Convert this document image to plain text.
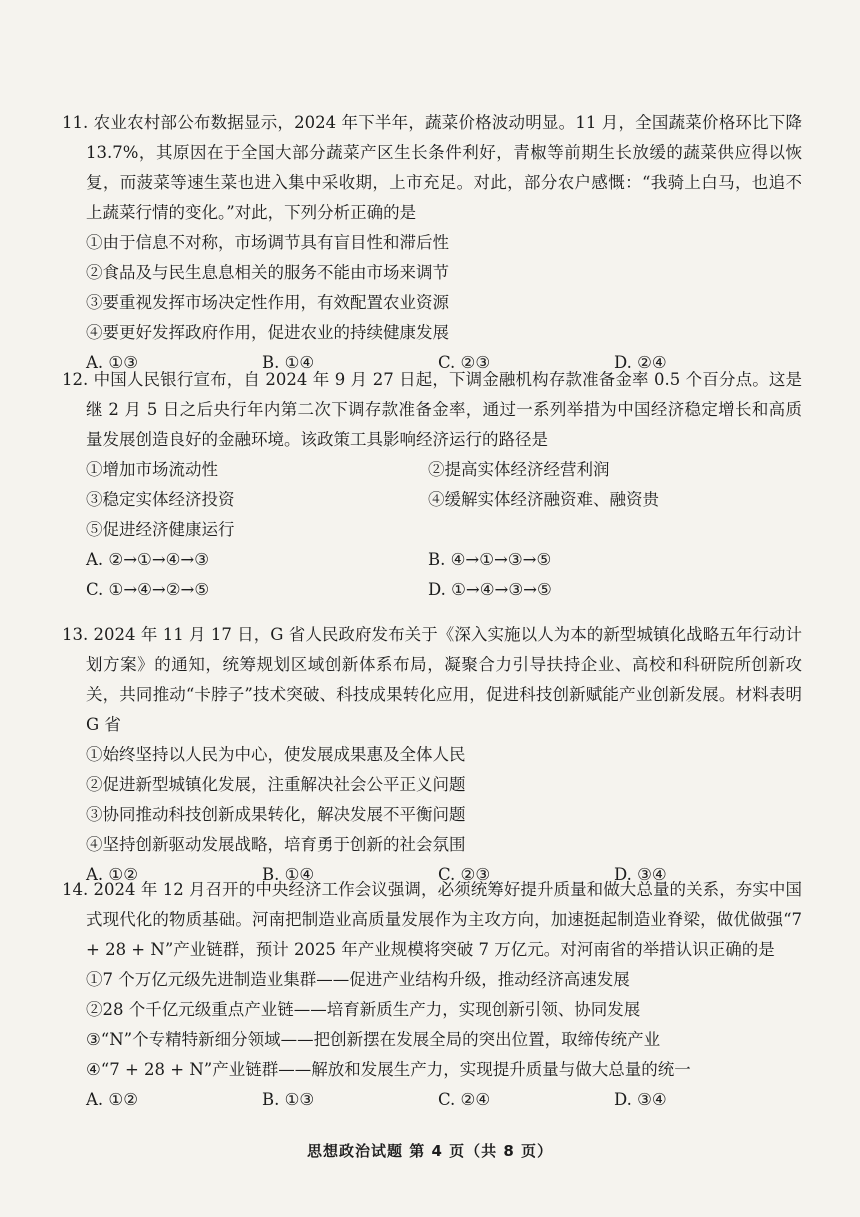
11. 农业农村部公布数据显示，2024 年下半年，蔬菜价格波动明显。11 月，全国蔬菜价格环比下降 13.7%，其原因在于全国大部分蔬菜产区生长条件利好，青椒等前期生长放缓的蔬菜供应得以恢复，而菠菜等速生菜也进入集中采收期，上市充足。对此，部分农户感慨：“我骑上白马，也追不上蔬菜行情的变化。”对此，下列分析正确的是

①由于信息不对称，市场调节具有盲目性和滞后性

②食品及与民生息息相关的服务不能由市场来调节

③要重视发挥市场决定性作用，有效配置农业资源

④要更好发挥政府作用，促进农业的持续健康发展

A. ①③	B. ①④	C. ②③	D. ②④

12. 中国人民银行宣布，自 2024 年 9 月 27 日起，下调金融机构存款准备金率 0.5 个百分点。这是继 2 月 5 日之后央行年内第二次下调存款准备金率，通过一系列举措为中国经济稳定增长和高质量发展创造良好的金融环境。该政策工具影响经济运行的路径是

①增加市场流动性	②提高实体经济经营利润
③稳定实体经济投资	④缓解实体经济融资难、融资贵
⑤促进经济健康运行
A. ②→①→④→③	B. ④→①→③→⑤
C. ①→④→②→⑤	D. ①→④→③→⑤

13. 2024 年 11 月 17 日，G 省人民政府发布关于《深入实施以人为本的新型城镇化战略五年行动计划方案》的通知，统筹规划区域创新体系布局，凝聚合力引导扶持企业、高校和科研院所创新攻关，共同推动“卡脖子”技术突破、科技成果转化应用，促进科技创新赋能产业创新发展。材料表明 G 省

①始终坚持以人民为中心，使发展成果惠及全体人民

②促进新型城镇化发展，注重解决社会公平正义问题

③协同推动科技创新成果转化，解决发展不平衡问题

④坚持创新驱动发展战略，培育勇于创新的社会氛围

A. ①②	B. ①④	C. ②③	D. ③④

14. 2024 年 12 月召开的中央经济工作会议强调，必须统筹好提升质量和做大总量的关系，夯实中国式现代化的物质基础。河南把制造业高质量发展作为主攻方向，加速挺起制造业脊梁，做优做强“7 + 28 + N”产业链群，预计 2025 年产业规模将突破 7 万亿元。对河南省的举措认识正确的是

①7 个万亿元级先进制造业集群——促进产业结构升级，推动经济高速发展

②28 个千亿元级重点产业链——培育新质生产力，实现创新引领、协同发展

③“N”个专精特新细分领域——把创新摆在发展全局的突出位置，取缔传统产业

④“7 + 28 + N”产业链群——解放和发展生产力，实现提升质量与做大总量的统一

A. ①②	B. ①③	C. ②④	D. ③④
思想政治试题 第 4 页（共 8 页）
